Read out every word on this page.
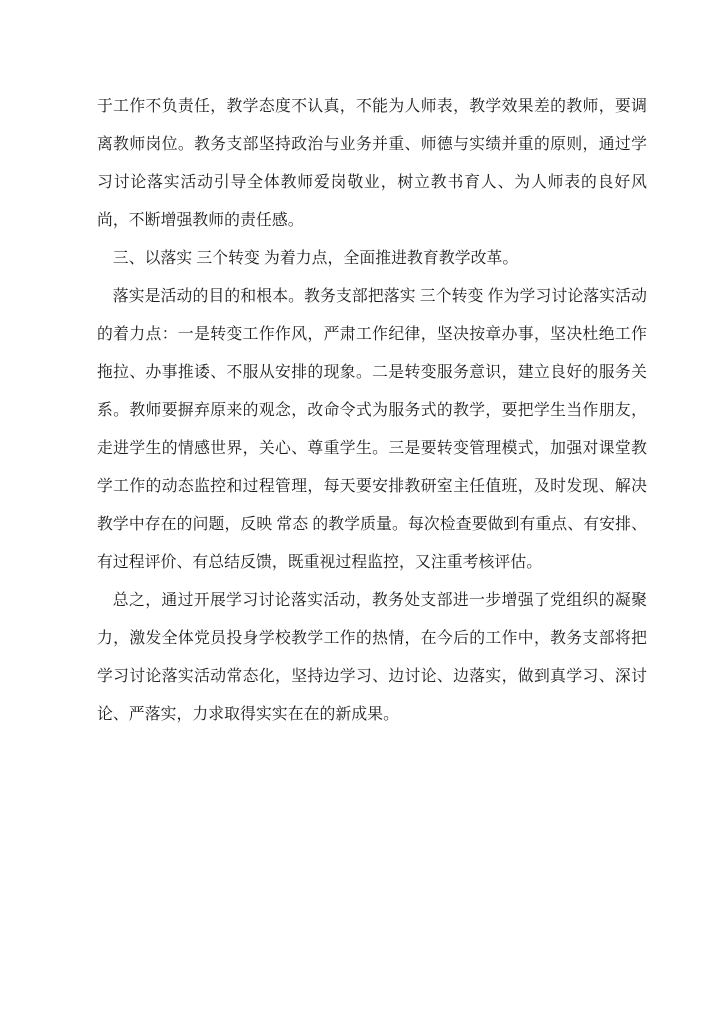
于工作不负责任，教学态度不认真，不能为人师表，教学效果差的教师，要调离教师岗位。教务支部坚持政治与业务并重、师德与实绩并重的原则，通过学习讨论落实活动引导全体教师爱岗敬业，树立教书育人、为人师表的良好风尚，不断增强教师的责任感。

三、以落实 三个转变 为着力点，全面推进教育教学改革。

落实是活动的目的和根本。教务支部把落实 三个转变 作为学习讨论落实活动的着力点：一是转变工作作风，严肃工作纪律，坚决按章办事，坚决杜绝工作拖拉、办事推诿、不服从安排的现象。二是转变服务意识，建立良好的服务关系。教师要摒弃原来的观念，改命令式为服务式的教学，要把学生当作朋友，走进学生的情感世界，关心、尊重学生。三是要转变管理模式，加强对课堂教学工作的动态监控和过程管理，每天要安排教研室主任值班，及时发现、解决教学中存在的问题，反映 常态 的教学质量。每次检查要做到有重点、有安排、有过程评价、有总结反馈，既重视过程监控，又注重考核评估。

总之，通过开展学习讨论落实活动，教务处支部进一步增强了党组织的凝聚力，激发全体党员投身学校教学工作的热情，在今后的工作中，教务支部将把学习讨论落实活动常态化，坚持边学习、边讨论、边落实，做到真学习、深讨论、严落实，力求取得实实在在的新成果。
